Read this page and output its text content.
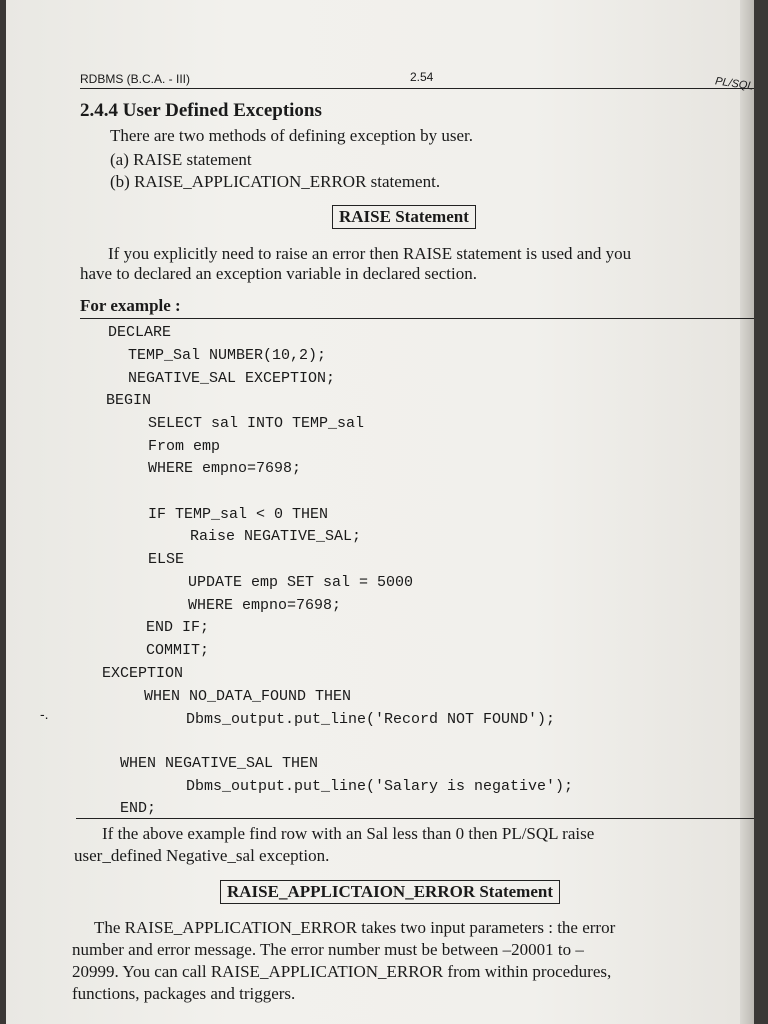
RDBMS (B.C.A. - III)	2.54	PL/SQL
2.4.4 User Defined Exceptions
There are two methods of defining exception by user.
(a) RAISE statement
(b) RAISE_APPLICATION_ERROR statement.
RAISE Statement
If you explicitly need to raise an error then RAISE statement is used and you
have to declared an exception variable in declared section.
For example :
DECLARE
TEMP_Sal NUMBER(10,2);
NEGATIVE_SAL EXCEPTION;
BEGIN
SELECT sal INTO TEMP_sal
From emp
WHERE empno=7698;
IF TEMP_sal < 0 THEN
Raise NEGATIVE_SAL;
ELSE
UPDATE emp SET sal = 5000
WHERE empno=7698;
END IF;
COMMIT;
EXCEPTION
WHEN NO_DATA_FOUND THEN
Dbms_output.put_line('Record NOT FOUND');
WHEN NEGATIVE_SAL THEN
Dbms_output.put_line('Salary is negative');
END;
-.
If the above example find row with an Sal less than 0 then PL/SQL raise
user_defined Negative_sal exception.
RAISE_APPLICTAION_ERROR Statement
The RAISE_APPLICATION_ERROR takes two input parameters : the error
number and error message. The error number must be between –20001 to –
20999. You can call RAISE_APPLICATION_ERROR from within procedures,
functions, packages and triggers.
